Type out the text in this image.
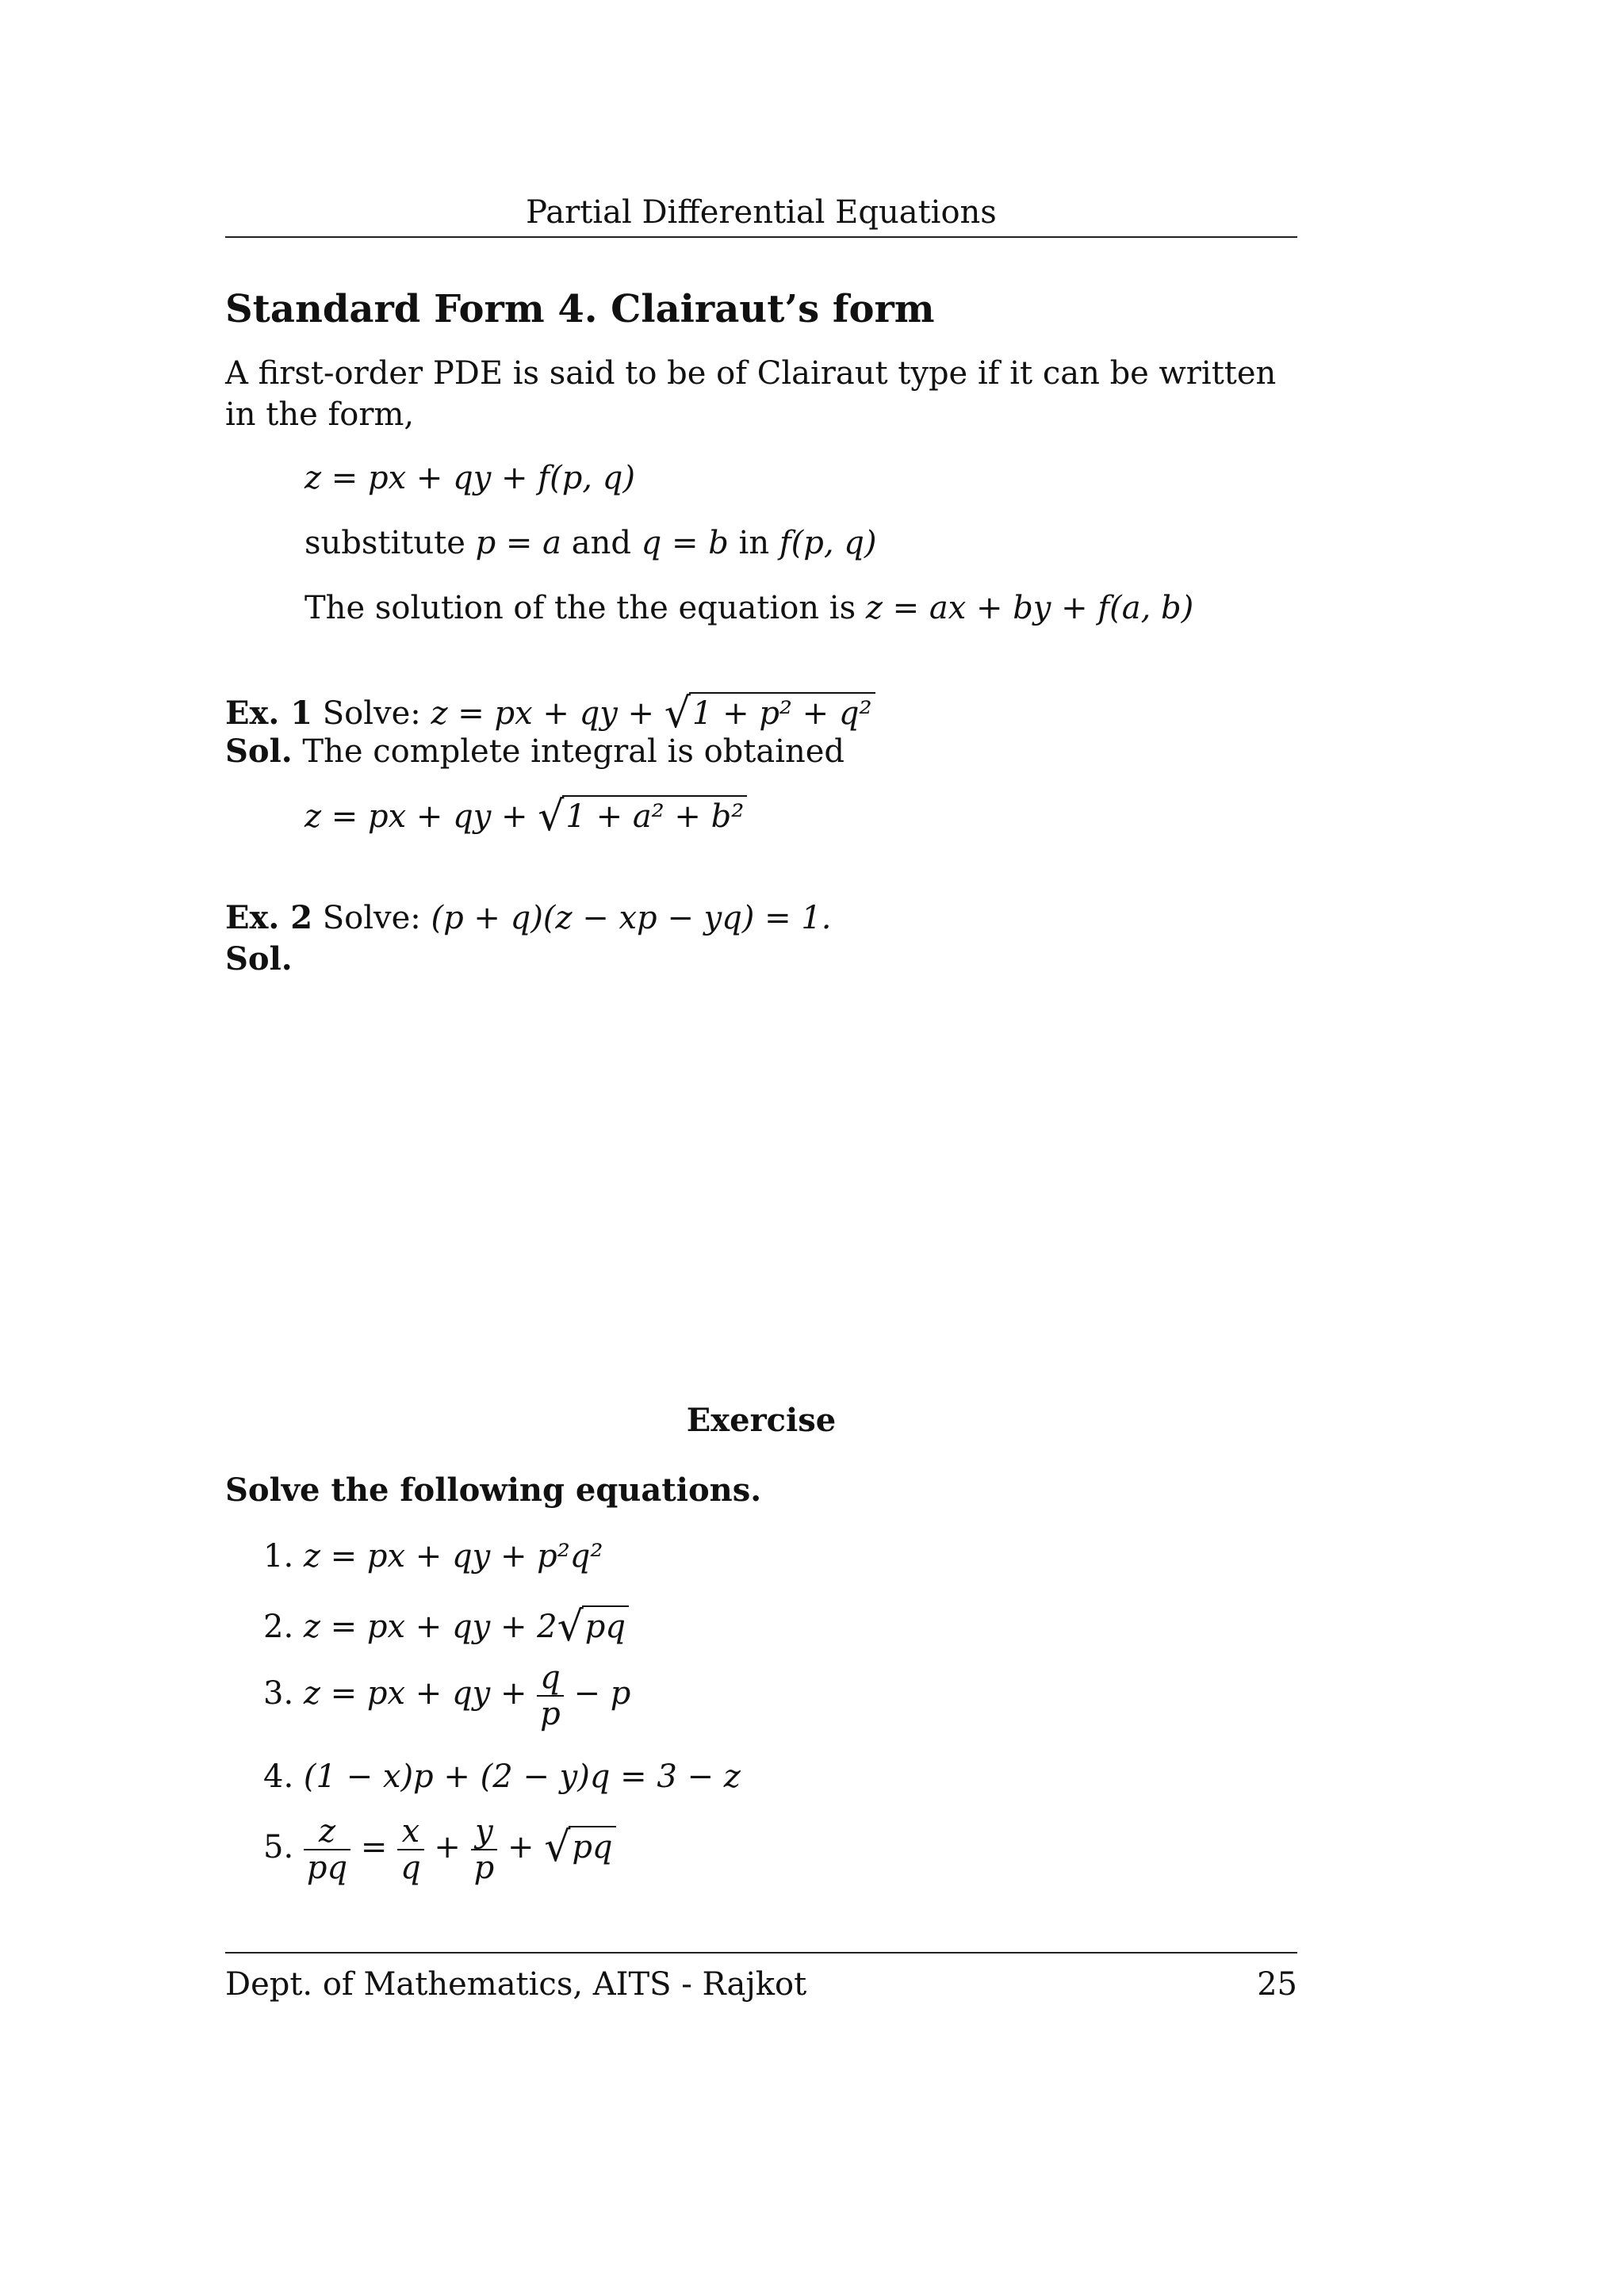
Partial Differential Equations
Standard Form 4. Clairaut’s form
A first-order PDE is said to be of Clairaut type if it can be written in the form,
z = px + qy + f(p, q)
substitute p = a and q = b in f(p, q)
The solution of the the equation is z = ax + by + f(a, b)
Ex. 1 Solve: z = px + qy + √1 + p² + q²
Sol. The complete integral is obtained
z = px + qy + √1 + a² + b²
Ex. 2 Solve: (p + q)(z − xp − yq) = 1.
Sol.
Exercise
Solve the following equations.
1. z = px + qy + p²q²
2. z = px + qy + 2√pq
3. z = px + qy + $\frac{q}{p} - p$
4. (1 − x)p + (2 − y)q = 3 − z
5. $\frac{z}{pq} = \frac{x}{q} + \frac{y}{p} + √pq$
Dept. of Mathematics, AITS - Rajkot	25
